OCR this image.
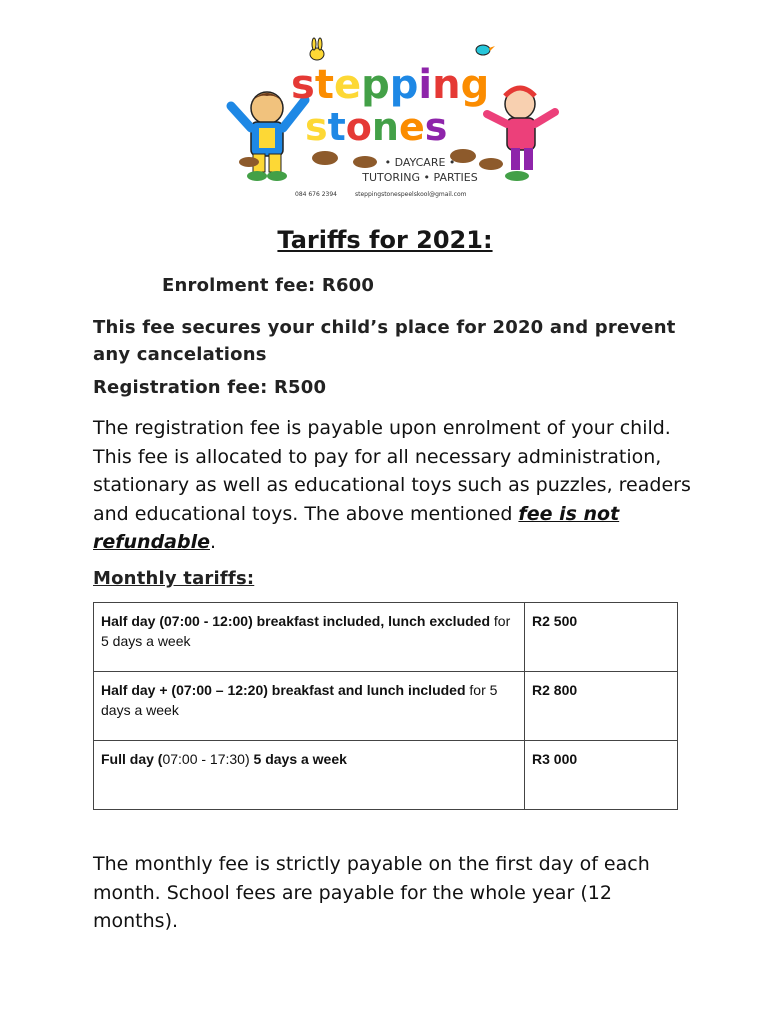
stepping
stones
• DAYCARE •
TUTORING • PARTIES
084 676 2394	steppingstonespeelskool@gmail.com
Tariffs for 2021:
Enrolment fee: R600
This fee secures your child’s place for 2020 and prevent any cancelations
Registration fee: R500
The registration fee is payable upon enrolment of your child. This fee is allocated to pay for all necessary administration, stationary as well as educational toys such as puzzles, readers and educational toys. The above mentioned fee is not refundable.
Monthly tariffs:
Half day (07:00 - 12:00) breakfast included, lunch excluded for 5 days a week	R2 500
Half day + (07:00 – 12:20) breakfast and lunch included for 5 days a week	R2 800
Full day (07:00 - 17:30) 5 days a week	R3 000
The monthly fee is strictly payable on the first day of each month. School fees are payable for the whole year (12 months).
